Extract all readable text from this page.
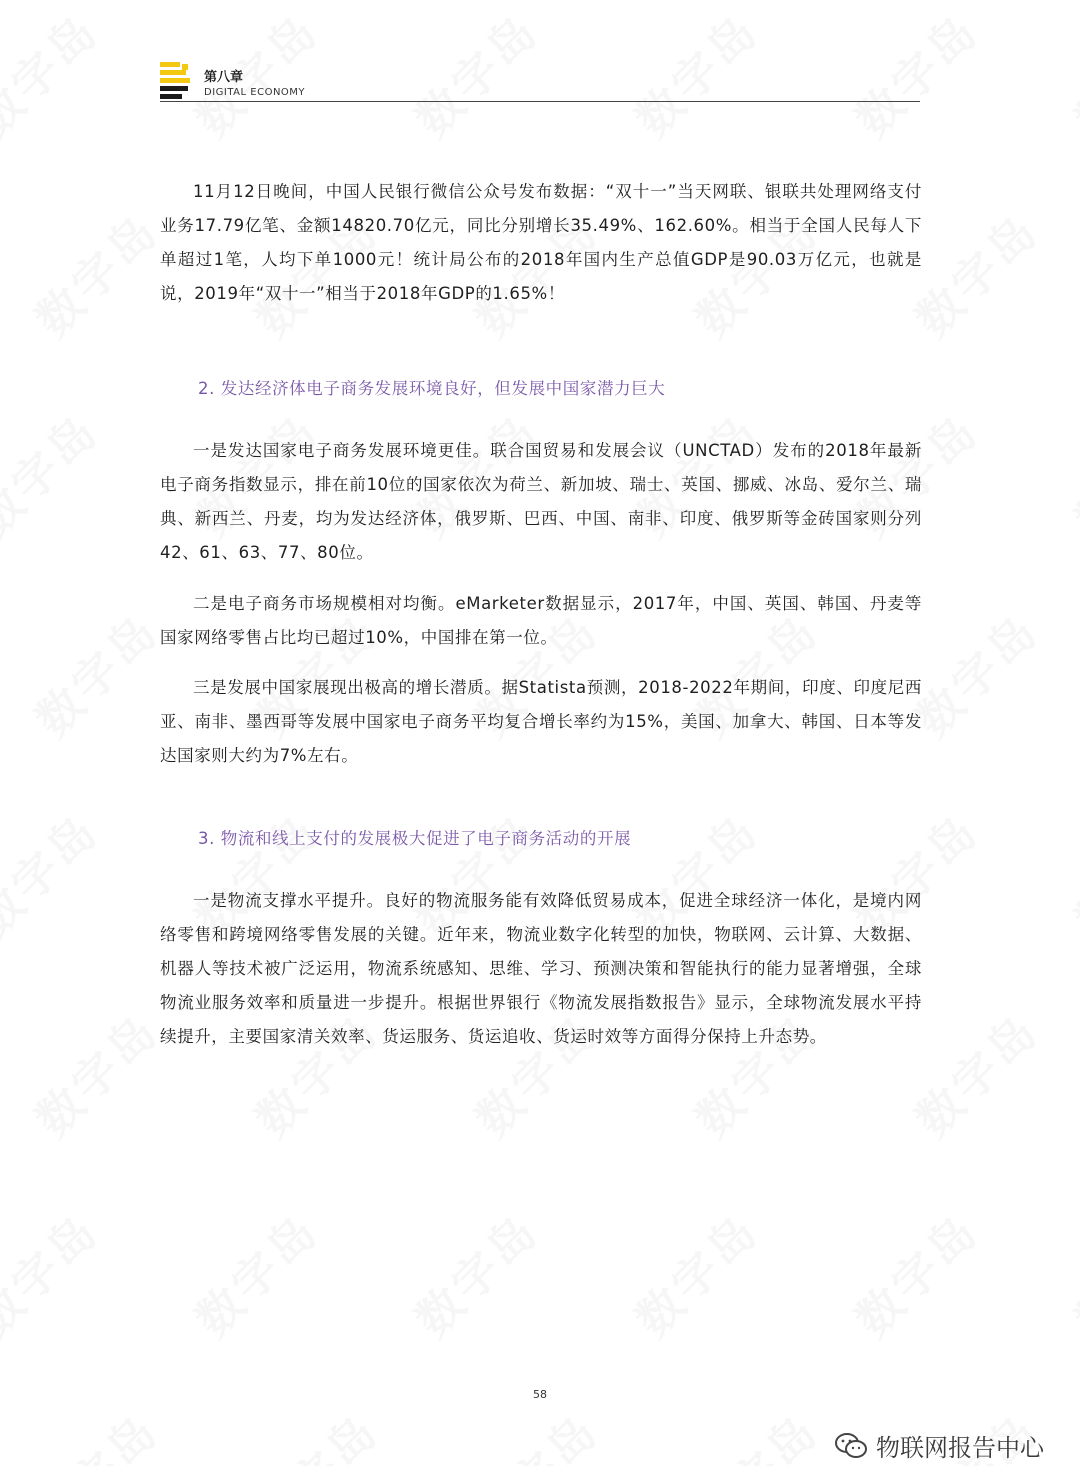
第八章
DIGITAL ECONOMY

11月12日晚间，中国人民银行微信公众号发布数据：“双十一”当天网联、银联共处理网络支付业务17.79亿笔、金额14820.70亿元，同比分别增长35.49%、162.60%。相当于全国人民每人下单超过1笔，人均下单1000元！统计局公布的2018年国内生产总值GDP是90.03万亿元，也就是说，2019年“双十一”相当于2018年GDP的1.65%！

2. 发达经济体电子商务发展环境良好，但发展中国家潜力巨大

一是发达国家电子商务发展环境更佳。联合国贸易和发展会议（UNCTAD）发布的2018年最新电子商务指数显示，排在前10位的国家依次为荷兰、新加坡、瑞士、英国、挪威、冰岛、爱尔兰、瑞典、新西兰、丹麦，均为发达经济体，俄罗斯、巴西、中国、南非、印度、俄罗斯等金砖国家则分列42、61、63、77、80位。

二是电子商务市场规模相对均衡。eMarketer数据显示，2017年，中国、英国、韩国、丹麦等国家网络零售占比均已超过10%，中国排在第一位。

三是发展中国家展现出极高的增长潜质。据Statista预测，2018-2022年期间，印度、印度尼西亚、南非、墨西哥等发展中国家电子商务平均复合增长率约为15%，美国、加拿大、韩国、日本等发达国家则大约为7%左右。

3. 物流和线上支付的发展极大促进了电子商务活动的开展

一是物流支撑水平提升。良好的物流服务能有效降低贸易成本，促进全球经济一体化，是境内网络零售和跨境网络零售发展的关键。近年来，物流业数字化转型的加快，物联网、云计算、大数据、机器人等技术被广泛运用，物流系统感知、思维、学习、预测决策和智能执行的能力显著增强，全球物流业服务效率和质量进一步提升。根据世界银行《物流发展指数报告》显示，全球物流发展水平持续提升，主要国家清关效率、货运服务、货运追收、货运时效等方面得分保持上升态势。

58
物联网报告中心
